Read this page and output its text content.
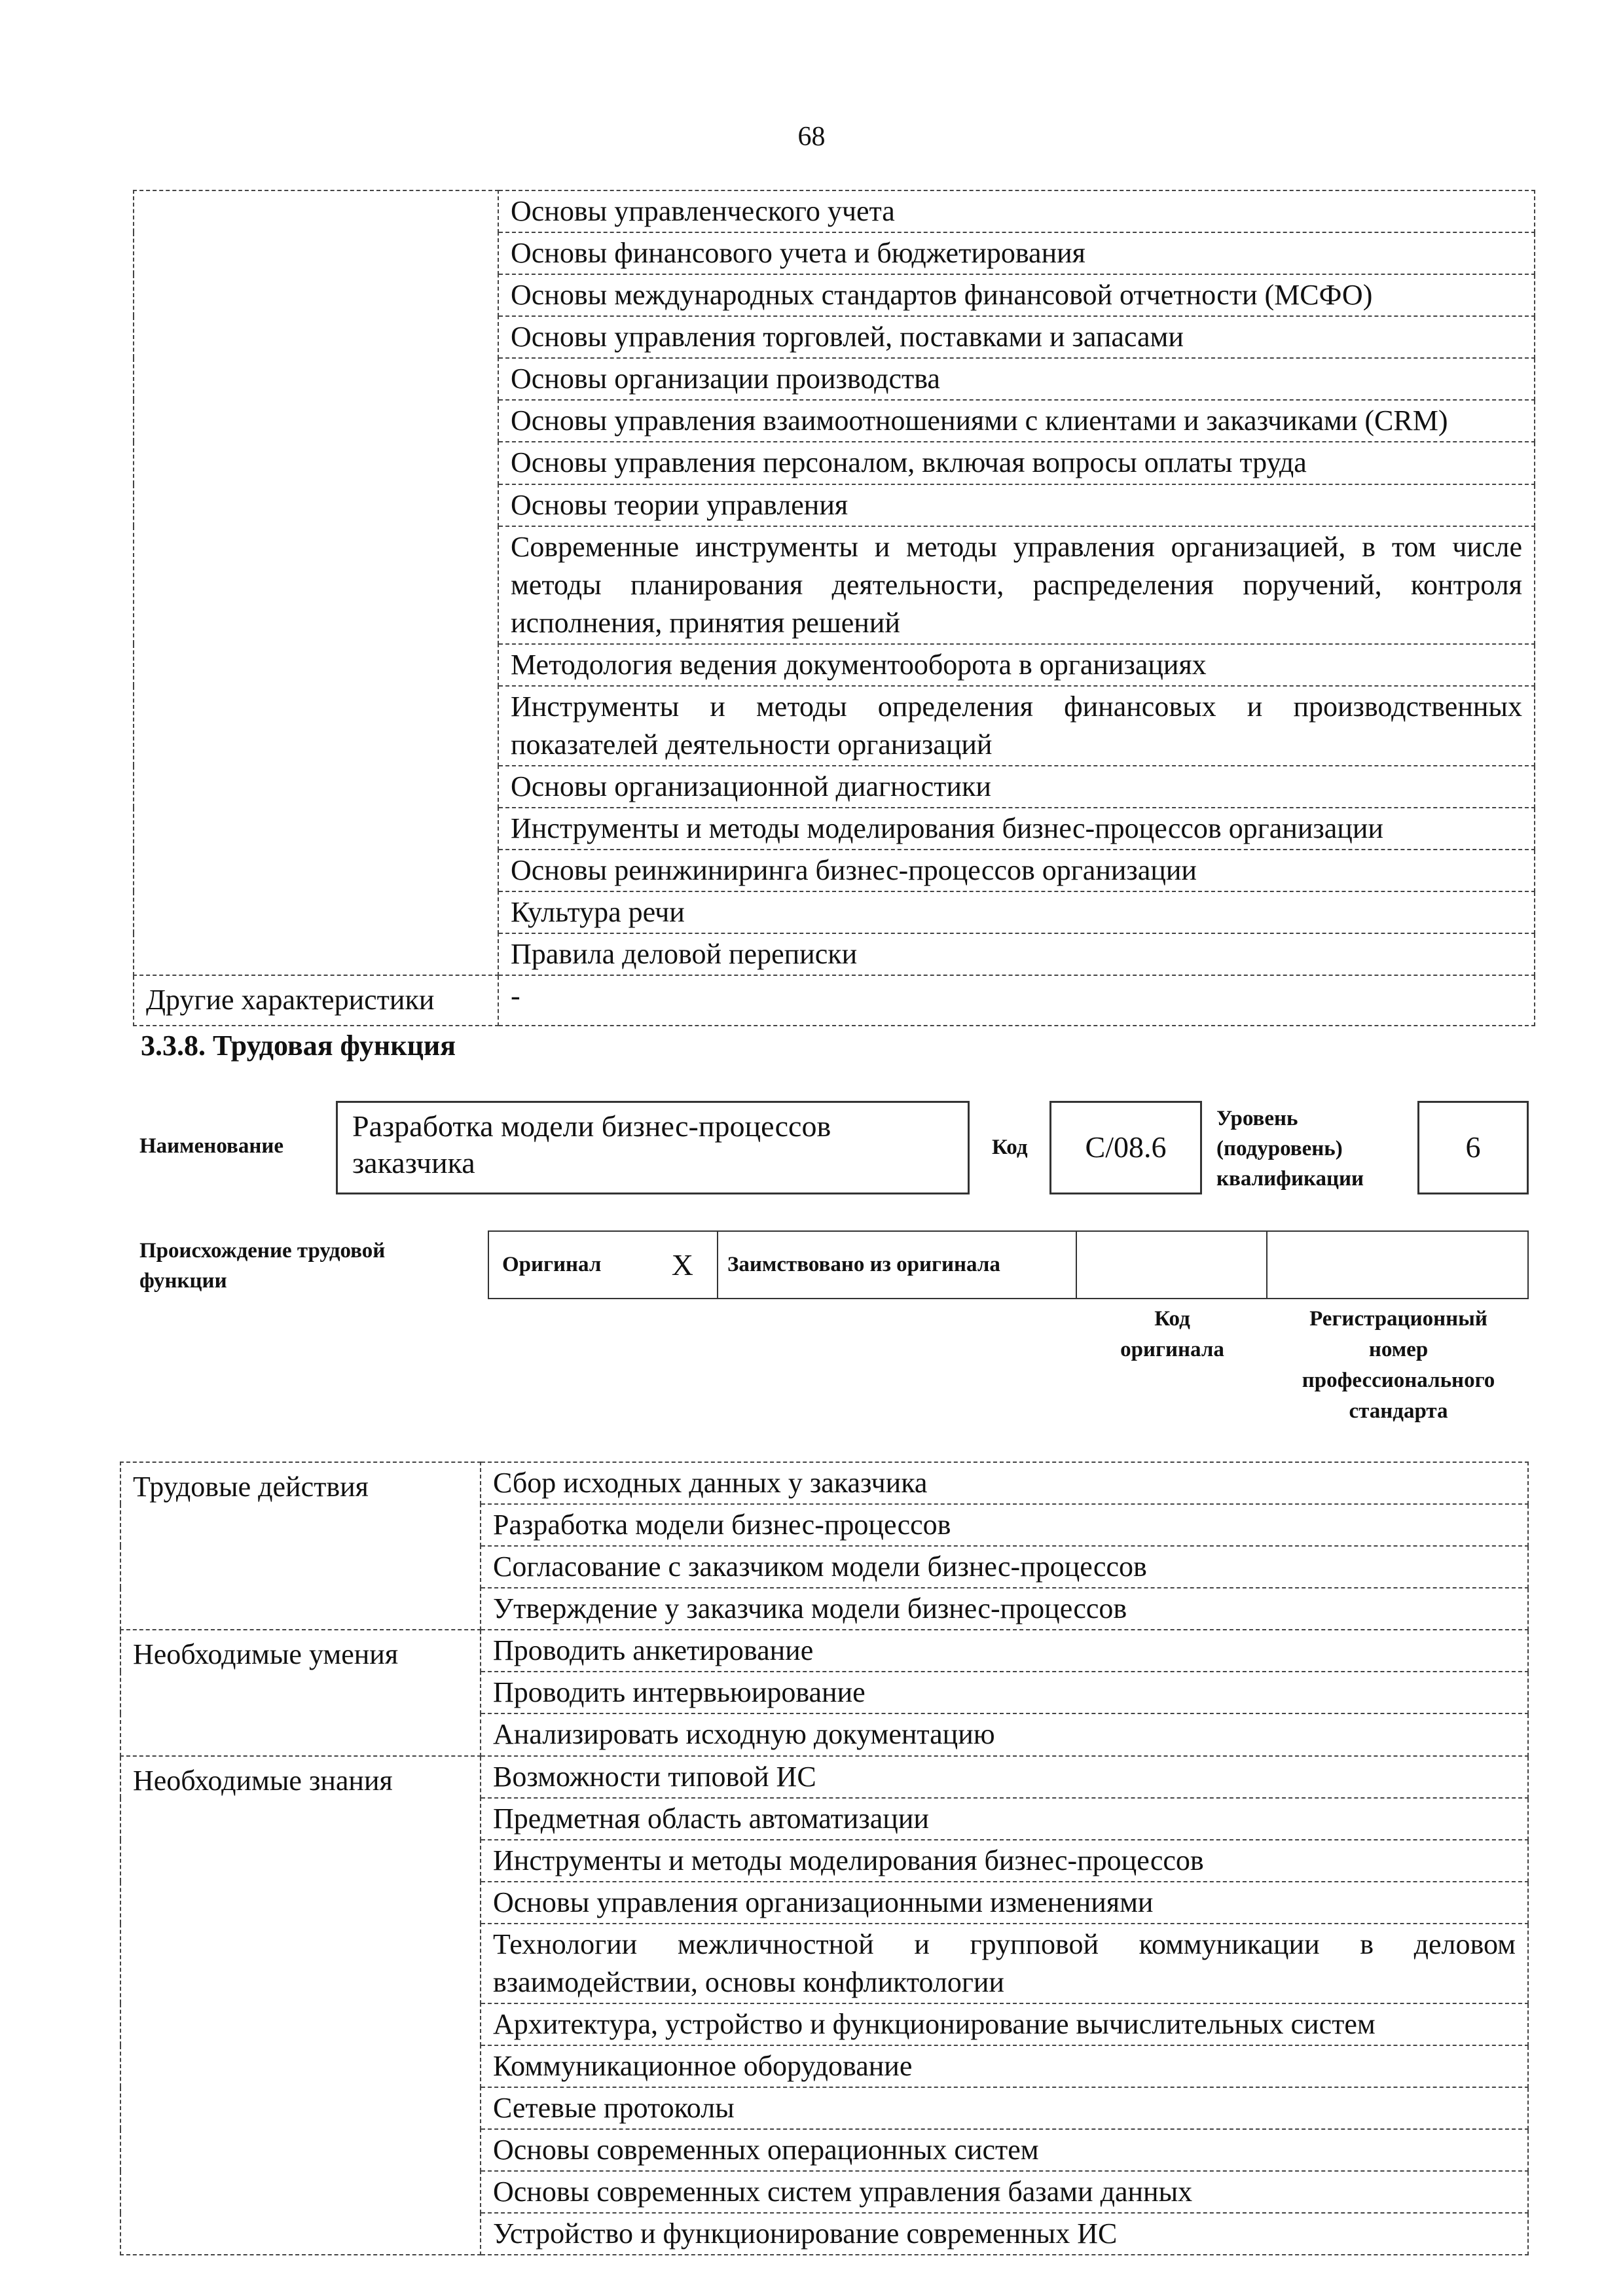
68
	Основы управленческого учета
	Основы финансового учета и бюджетирования
	Основы международных стандартов финансовой отчетности (МСФО)
	Основы управления торговлей, поставками и запасами
	Основы организации производства
	Основы управления взаимоотношениями с клиентами и заказчиками (CRM)
	Основы управления персоналом, включая вопросы оплаты труда
	Основы теории управления
	Современные инструменты и методы управления организацией, в том числе методы планирования деятельности, распределения поручений, контроля исполнения, принятия решений
	Методология ведения документооборота в организациях
	Инструменты и методы определения финансовых и производственных показателей деятельности организаций
	Основы организационной диагностики
	Инструменты и методы моделирования бизнес-процессов организации
	Основы реинжиниринга бизнес-процессов организации
	Культура речи
	Правила деловой переписки
Другие характеристики	-
3.3.8. Трудовая функция
Наименование
Разработка модели бизнес-процессов заказчика	Код C/08.6
Уровень
(подуровень)
квалификации
6
Происхождение трудовой
функции
Оригинал X Заимствовано из оригинала
Код
оригинала
Регистрационный
номер
профессионального
стандарта
Трудовые действия	Сбор исходных данных у заказчика
	Разработка модели бизнес-процессов
	Согласование с заказчиком модели бизнес-процессов
	Утверждение у заказчика модели бизнес-процессов
Необходимые умения	Проводить анкетирование
	Проводить интервьюирование
	Анализировать исходную документацию
Необходимые знания	Возможности типовой ИС
	Предметная область автоматизации
	Инструменты и методы моделирования бизнес-процессов
	Основы управления организационными изменениями
	Технологии межличностной и групповой коммуникации в деловом взаимодействии, основы конфликтологии
	Архитектура, устройство и функционирование вычислительных систем
	Коммуникационное оборудование
	Сетевые протоколы
	Основы современных операционных систем
	Основы современных систем управления базами данных
	Устройство и функционирование современных ИС
